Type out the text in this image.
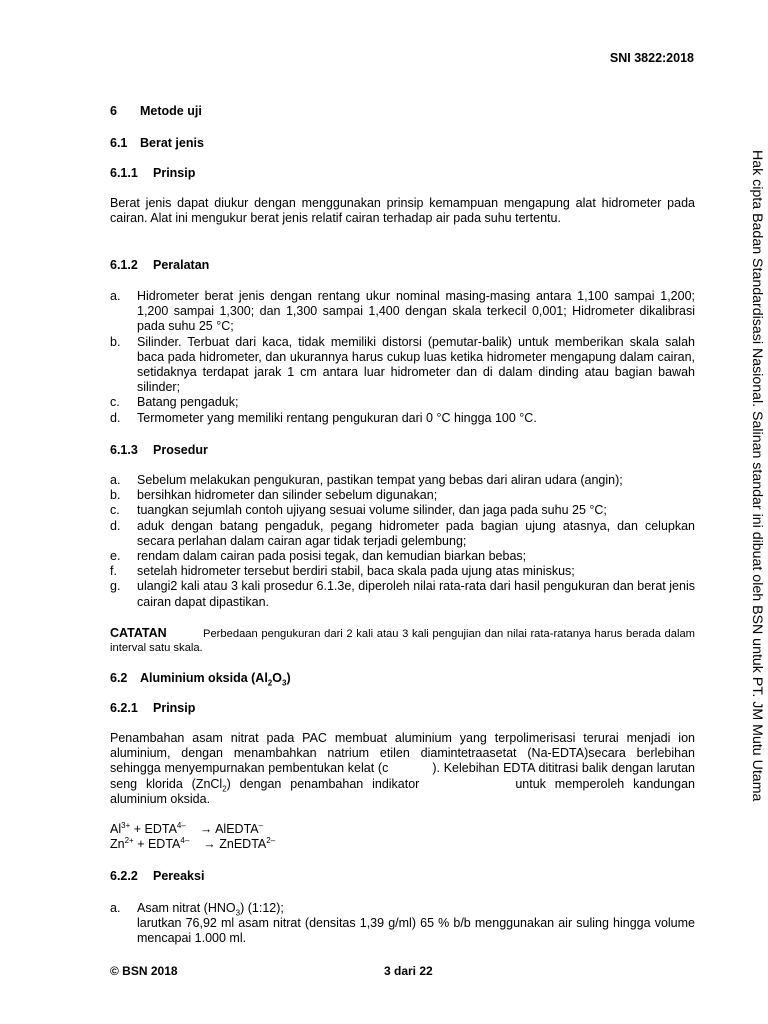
SNI 3822:2018
6 Metode uji
6.1 Berat jenis
6.1.1 Prinsip
Berat jenis dapat diukur dengan menggunakan prinsip kemampuan mengapung alat hidrometer pada cairan. Alat ini mengukur berat jenis relatif cairan terhadap air pada suhu tertentu.
6.1.2 Peralatan
a.	Hidrometer berat jenis dengan rentang ukur nominal masing-masing antara 1,100 sampai 1,200; 1,200 sampai 1,300; dan 1,300 sampai 1,400 dengan skala terkecil 0,001; Hidrometer dikalibrasi pada suhu 25 °C;
b.	Silinder. Terbuat dari kaca, tidak memiliki distorsi (pemutar-balik) untuk memberikan skala salah baca pada hidrometer, dan ukurannya harus cukup luas ketika hidrometer mengapung dalam cairan, setidaknya terdapat jarak 1 cm antara luar hidrometer dan di dalam dinding atau bagian bawah silinder;
c.	Batang pengaduk;
d.	Termometer yang memiliki rentang pengukuran dari 0 °C hingga 100 °C.
6.1.3 Prosedur
a.	Sebelum melakukan pengukuran, pastikan tempat yang bebas dari aliran udara (angin);
b.	bersihkan hidrometer dan silinder sebelum digunakan;
c.	tuangkan sejumlah contoh ujiyang sesuai volume silinder, dan jaga pada suhu 25 °C;
d.	aduk dengan batang pengaduk, pegang hidrometer pada bagian ujung atasnya, dan celupkan secara perlahan dalam cairan agar tidak terjadi gelembung;
e.	rendam dalam cairan pada posisi tegak, dan kemudian biarkan bebas;
f.	setelah hidrometer tersebut berdiri stabil, baca skala pada ujung atas miniskus;
g.	ulangi2 kali atau 3 kali prosedur 6.1.3e, diperoleh nilai rata-rata dari hasil pengukuran dan berat jenis cairan dapat dipastikan.
CATATAN	Perbedaan pengukuran dari 2 kali atau 3 kali pengujian dan nilai rata-ratanya harus berada dalam interval satu skala.
6.2 Aluminium oksida $(Al_2O_3)$
6.2.1 Prinsip
Penambahan asam nitrat pada PAC membuat aluminium yang terpolimerisasi terurai menjadi ion aluminium, dengan menambahkan natrium etilen diamintetraasetat (Na-EDTA)secara berlebihan sehingga menyempurnakan pembentukan kelat (c	). Kelebihan EDTA dititrasi balik dengan larutan seng klorida (ZnCl$_2$) dengan penambahan indikator	untuk memperoleh kandungan aluminium oksida.
$Al^{3+}$ + $EDTA^{4-}$ → AlEDTA–
$Zn^{2+}$ + $EDTA^{4-}$ → ZnEDTA$^{2-}$
6.2.2 Pereaksi
a.	Asam nitrat $(HNO_3)$ (1:12);
larutkan 76,92 ml asam nitrat (densitas 1,39 g/ml) 65 % b/b menggunakan air suling hingga volume mencapai 1.000 ml.
© BSN 2018	3 dari 22
Hak cipta Badan Standardisasi Nasional. Salinan standar ini dibuat oleh BSN untuk PT. JM Mutu Utama
